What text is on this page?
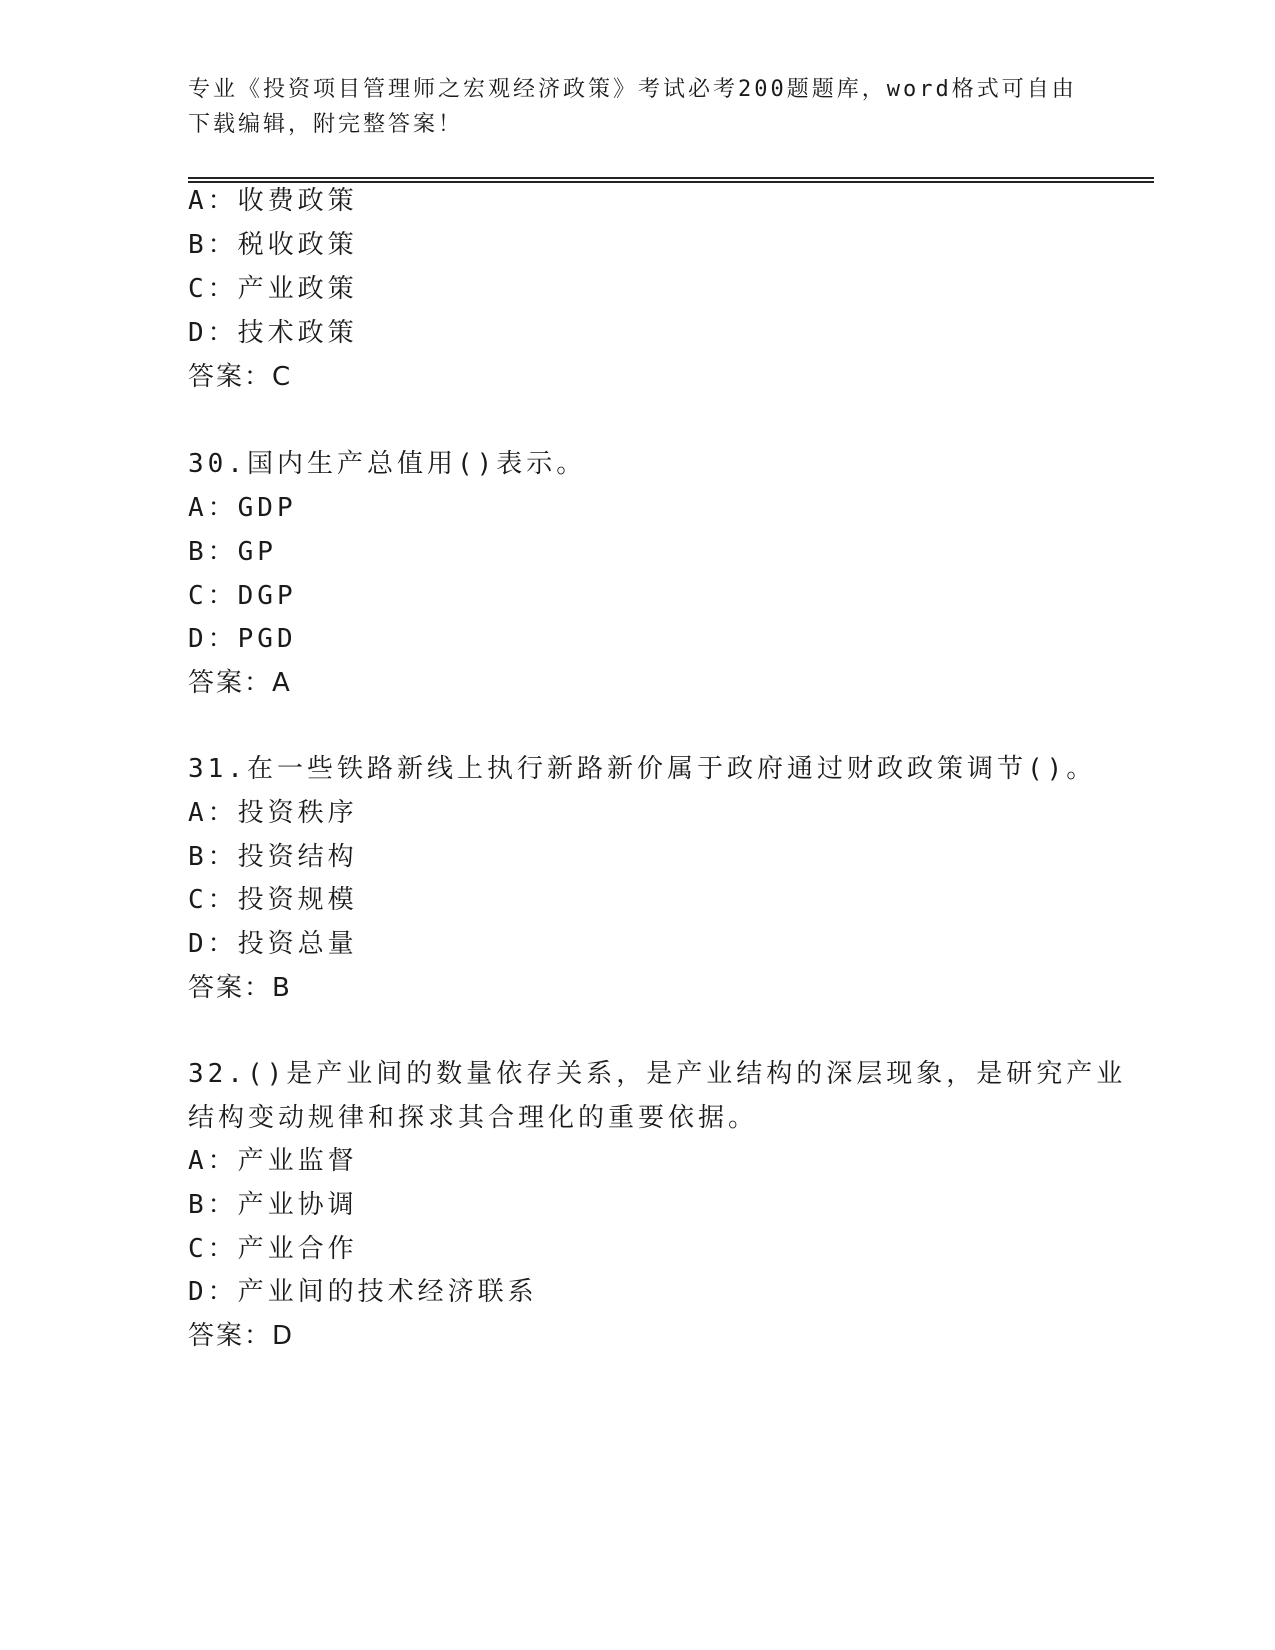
专业《投资项目管理师之宏观经济政策》考试必考200题题库，word格式可自由
下载编辑，附完整答案！
A：收费政策
B：税收政策
C：产业政策
D：技术政策
答案：C
30.国内生产总值用()表示。
A：GDP
B：GP
C：DGP
D：PGD
答案：A
31.在一些铁路新线上执行新路新价属于政府通过财政政策调节()。
A：投资秩序
B：投资结构
C：投资规模
D：投资总量
答案：B
32.()是产业间的数量依存关系，是产业结构的深层现象，是研究产业
结构变动规律和探求其合理化的重要依据。
A：产业监督
B：产业协调
C：产业合作
D：产业间的技术经济联系
答案：D
